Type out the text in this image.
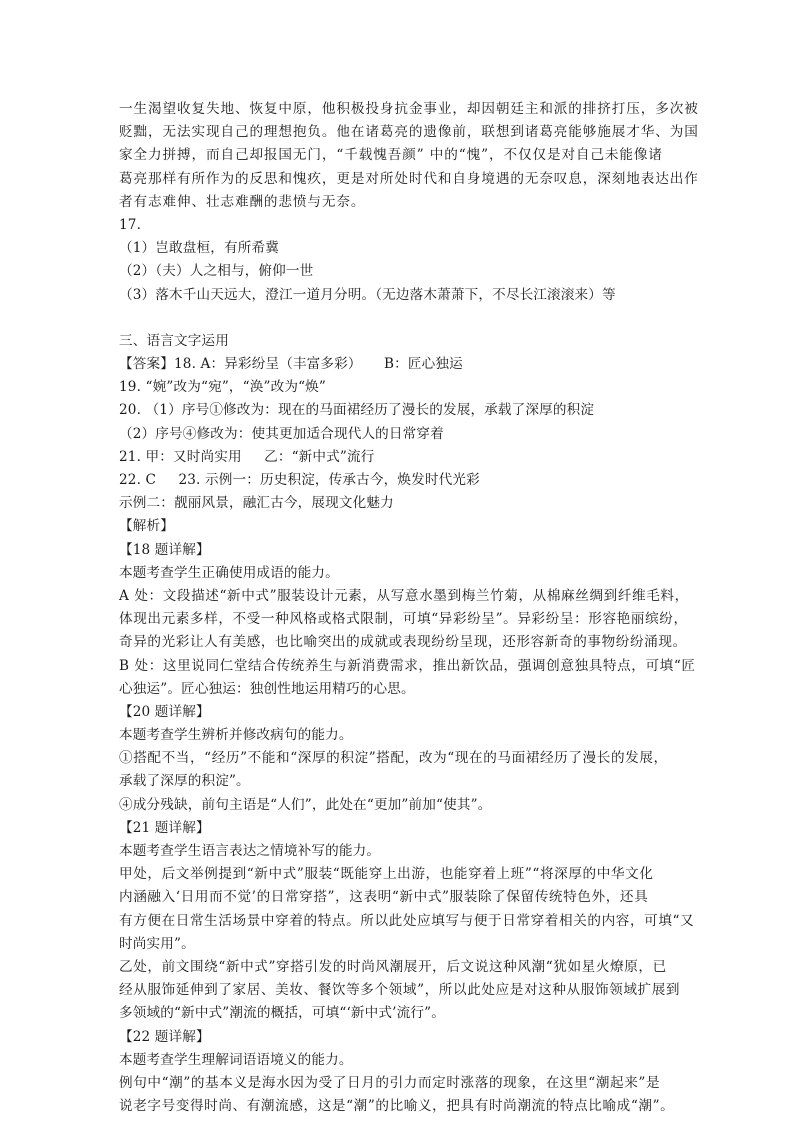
一生渴望收复失地、恢复中原，他积极投身抗金事业，却因朝廷主和派的排挤打压，多次被
贬黜，无法实现自己的理想抱负。他在诸葛亮的遗像前，联想到诸葛亮能够施展才华、为国
家全力拼搏，而自己却报国无门，“千载愧吾颜” 中的“愧”，不仅仅是对自己未能像诸
葛亮那样有所作为的反思和愧疚，更是对所处时代和自身境遇的无奈叹息，深刻地表达出作
者有志难伸、壮志难酬的悲愤与无奈。
17.
（1）岂敢盘桓，有所希冀
（2）（夫）人之相与，俯仰一世
（3）落木千山天远大，澄江一道月分明。（无边落木萧萧下，不尽长江滚滚来）等
三、语言文字运用
【答案】18. A：异彩纷呈（丰富多彩）     B：匠心独运
19. “婉”改为“宛”，“涣”改为“焕”
20. （1）序号①修改为：现在的马面裙经历了漫长的发展，承载了深厚的积淀
（2）序号④修改为：使其更加适合现代人的日常穿着
21. 甲：又时尚实用     乙：“新中式”流行
22. C     23. 示例一：历史积淀，传承古今，焕发时代光彩
示例二：靓丽风景，融汇古今，展现文化魅力
【解析】
【18 题详解】
本题考查学生正确使用成语的能力。
A 处：文段描述“新中式”服装设计元素，从写意水墨到梅兰竹菊，从棉麻丝绸到纤维毛料，
体现出元素多样，不受一种风格或格式限制，可填“异彩纷呈”。异彩纷呈：形容艳丽缤纷，
奇异的光彩让人有美感，也比喻突出的成就或表现纷纷呈现，还形容新奇的事物纷纷涌现。
B 处：这里说同仁堂结合传统养生与新消费需求，推出新饮品，强调创意独具特点，可填“匠
心独运”。匠心独运：独创性地运用精巧的心思。
【20 题详解】
本题考查学生辨析并修改病句的能力。
①搭配不当，“经历”不能和“深厚的积淀”搭配，改为“现在的马面裙经历了漫长的发展，
承载了深厚的积淀”。
④成分残缺，前句主语是“人们”，此处在“更加”前加“使其”。
【21 题详解】
本题考查学生语言表达之情境补写的能力。
甲处，后文举例提到“新中式”服装“既能穿上出游，也能穿着上班”“将深厚的中华文化
内涵融入‘日用而不觉’的日常穿搭”，这表明“新中式”服装除了保留传统特色外，还具
有方便在日常生活场景中穿着的特点。所以此处应填写与便于日常穿着相关的内容，可填“又
时尚实用”。
乙处，前文围绕“新中式”穿搭引发的时尚风潮展开，后文说这种风潮“犹如星火燎原，已
经从服饰延伸到了家居、美妆、餐饮等多个领域”，所以此处应是对这种从服饰领域扩展到
多领域的“新中式”潮流的概括，可填“‘新中式’流行”。
【22 题详解】
本题考查学生理解词语语境义的能力。
例句中“潮”的基本义是海水因为受了日月的引力而定时涨落的现象，在这里“潮起来”是
说老字号变得时尚、有潮流感，这是“潮”的比喻义，把具有时尚潮流的特点比喻成“潮”。
